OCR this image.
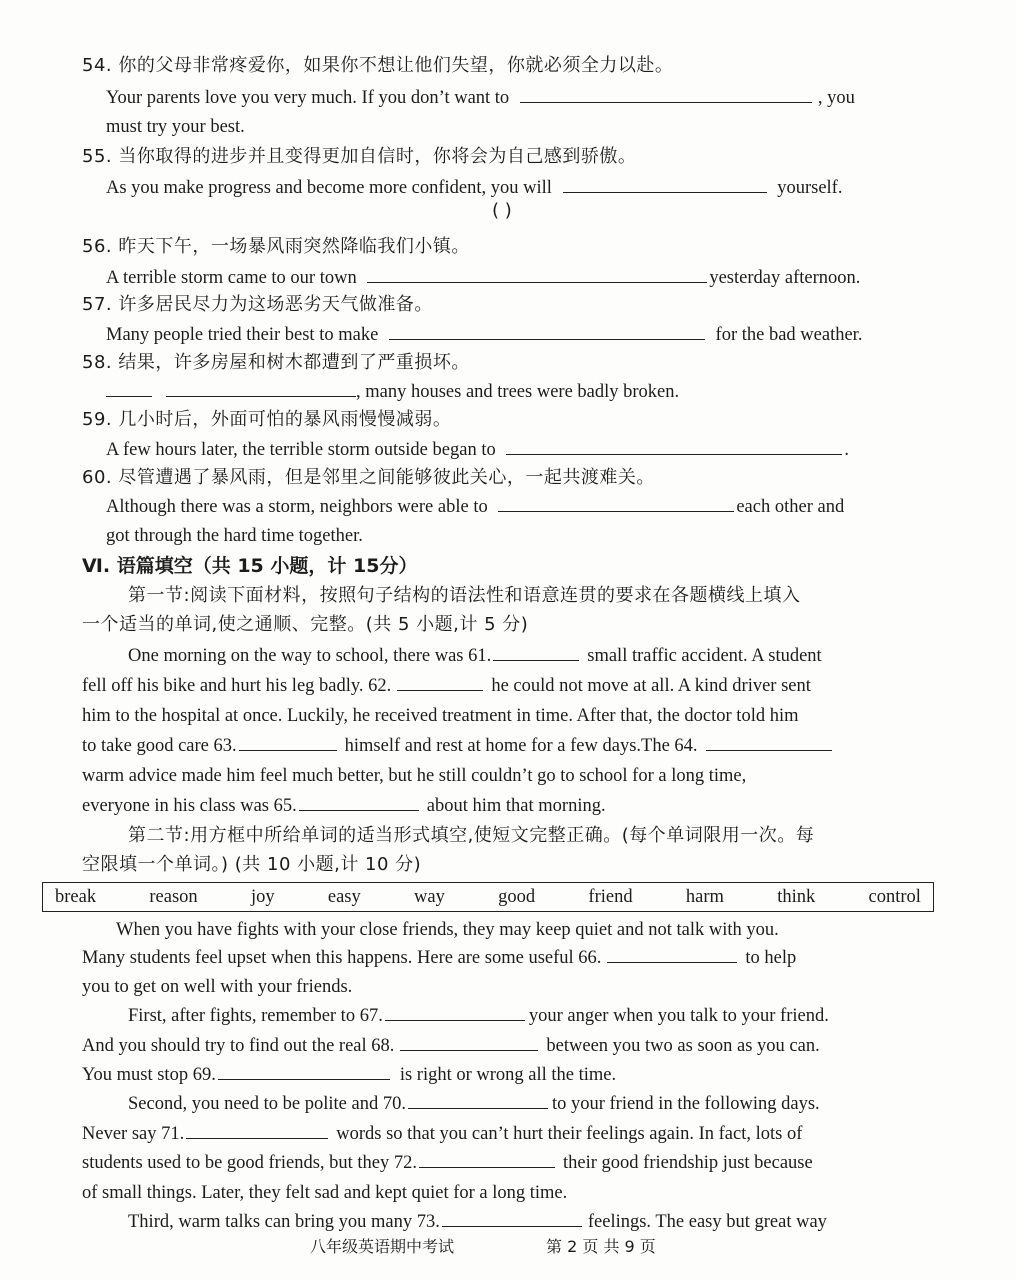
54. 你的父母非常疼爱你，如果你不想让他们失望，你就必须全力以赴。
Your parents love you very much. If you don’t want to	, you
must try your best.
55. 当你取得的进步并且变得更加自信时，你将会为自己感到骄傲。
As you make progress and become more confident, you will	yourself.
( )
56. 昨天下午，一场暴风雨突然降临我们小镇。
A terrible storm came to our town	yesterday afternoon.
57. 许多居民尽力为这场恶劣天气做准备。
Many people tried their best to make	for the bad weather.
58. 结果，许多房屋和树木都遭到了严重损坏。
, many houses and trees were badly broken.
59. 几小时后，外面可怕的暴风雨慢慢减弱。
A few hours later, the terrible storm outside began to	.
60. 尽管遭遇了暴风雨，但是邻里之间能够彼此关心，一起共渡难关。
Although there was a storm, neighbors were able to	each other and
got through the hard time together.
Ⅵ. 语篇填空（共 15 小题，计 15分）
第一节:阅读下面材料，按照句子结构的语法性和语意连贯的要求在各题横线上填入
一个适当的单词,使之通顺、完整。(共 5 小题,计 5 分)
One morning on the way to school, there was 61.	small traffic accident. A student
fell off his bike and hurt his leg badly. 62.	he could not move at all. A kind driver sent
him to the hospital at once. Luckily, he received treatment in time. After that, the doctor told him
to take good care 63.	himself and rest at home for a few days.The 64.
warm advice made him feel much better, but he still couldn’t go to school for a long time,
everyone in his class was 65.	about him that morning.
第二节:用方框中所给单词的适当形式填空,使短文完整正确。(每个单词限用一次。每
空限填一个单词。) (共 10 小题,计 10 分)
break	reason	joy	easy	way	good	friend	harm	think	control
When you have fights with your close friends, they may keep quiet and not talk with you.
Many students feel upset when this happens. Here are some useful 66.	to help
you to get on well with your friends.
First, after fights, remember to 67.	your anger when you talk to your friend.
And you should try to find out the real 68.	between you two as soon as you can.
You must stop 69.	is right or wrong all the time.
Second, you need to be polite and 70.	to your friend in the following days.
Never say 71.	words so that you can’t hurt their feelings again. In fact, lots of
students used to be good friends, but they 72.	their good friendship just because
of small things. Later, they felt sad and kept quiet for a long time.
Third, warm talks can bring you many 73.	feelings. The easy but great way
八年级英语期中考试	第 2 页 共 9 页
